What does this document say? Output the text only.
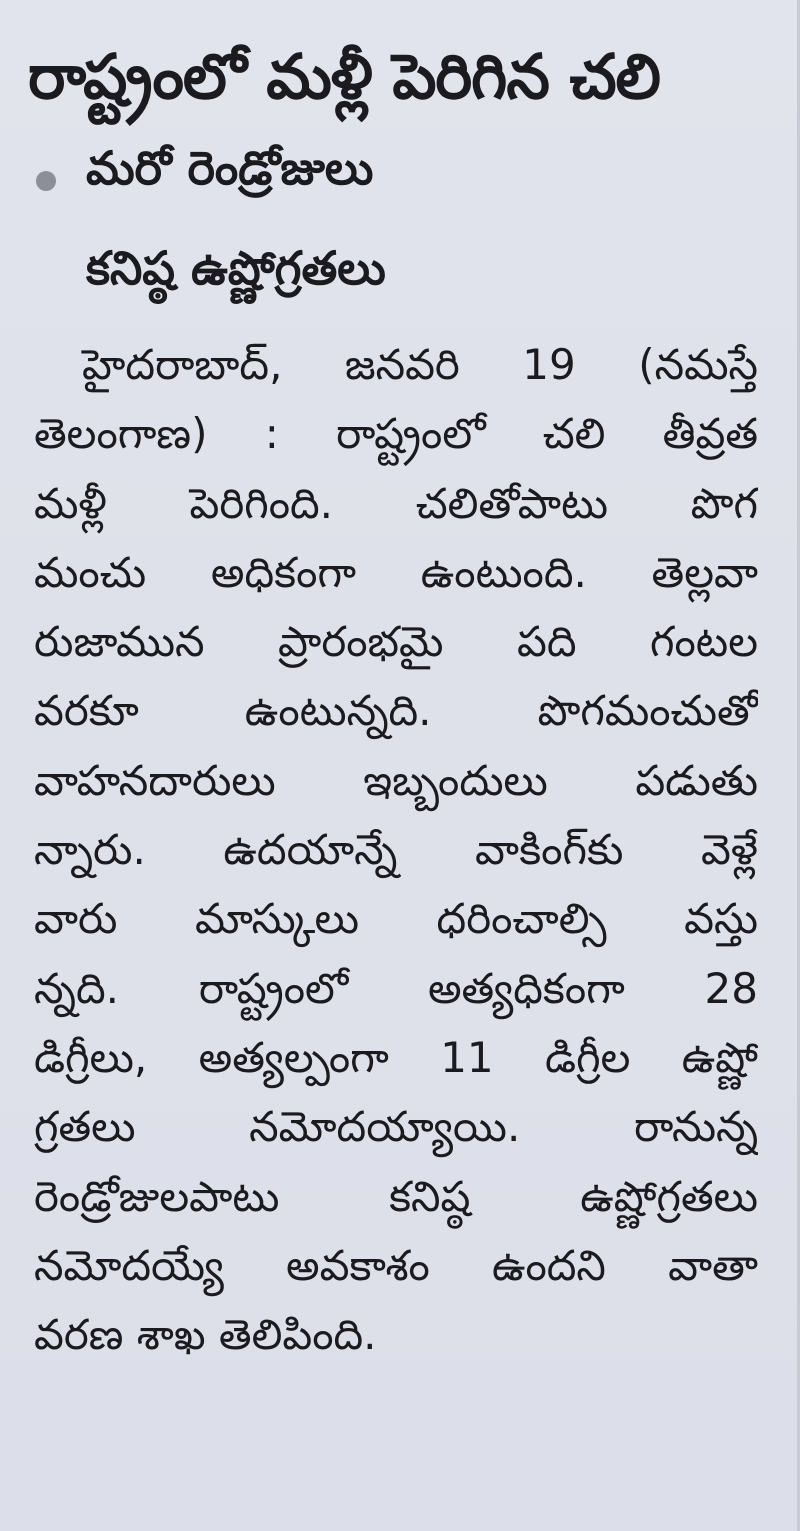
రాష్ట్రంలో మళ్లీ పెరిగిన చలి
మరో రెండ్రోజులు
కనిష్ఠ ఉష్ణోగ్రతలు
హైదరాబాద్, జనవరి 19 (నమస్తే
తెలంగాణ) : రాష్ట్రంలో చలి తీవ్రత
మళ్లీ పెరిగింది. చలితోపాటు పొగ
మంచు అధికంగా ఉంటుంది. తెల్లవా
రుజామున ప్రారంభమై పది గంటల
వరకూ ఉంటున్నది. పొగమంచుతో
వాహనదారులు ఇబ్బందులు పడుతు
న్నారు. ఉదయాన్నే వాకింగ్‌కు వెళ్లే
వారు మాస్కులు ధరించాల్సి వస్తు
న్నది. రాష్ట్రంలో అత్యధికంగా 28
డిగ్రీలు, అత్యల్పంగా 11 డిగ్రీల ఉష్ణో
గ్రతలు నమోదయ్యాయి. రానున్న
రెండ్రోజులపాటు కనిష్ఠ ఉష్ణోగ్రతలు
నమోదయ్యే అవకాశం ఉందని వాతా
వరణ శాఖ తెలిపింది.
